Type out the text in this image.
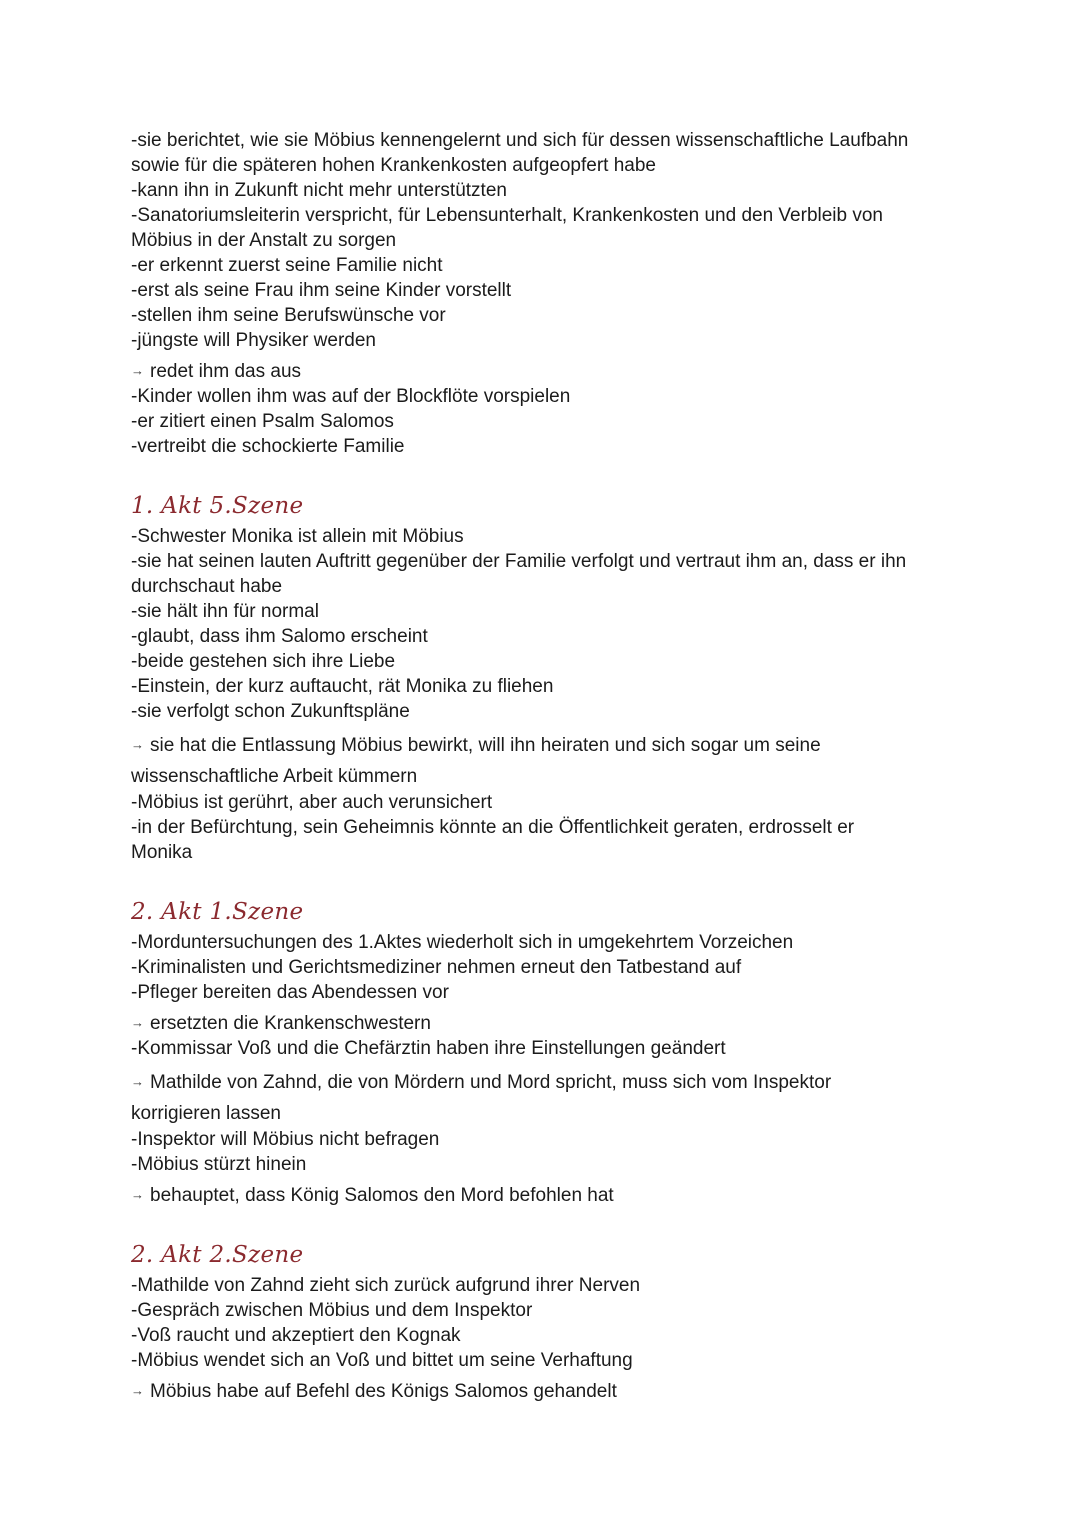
-sie berichtet, wie sie Möbius kennengelernt und sich für dessen wissenschaftliche Laufbahn
sowie für die späteren hohen Krankenkosten aufgeopfert habe
-kann ihn in Zukunft nicht mehr unterstützten
-Sanatoriumsleiterin verspricht, für Lebensunterhalt, Krankenkosten und den Verbleib von
Möbius in der Anstalt zu sorgen
-er erkennt zuerst seine Familie nicht
-erst als seine Frau ihm seine Kinder vorstellt
-stellen ihm seine Berufswünsche vor
-jüngste will Physiker werden
→ redet ihm das aus
-Kinder wollen ihm was auf der Blockflöte vorspielen
-er zitiert einen Psalm Salomos
-vertreibt die schockierte Familie
1. Akt 5.Szene
-Schwester Monika ist allein mit Möbius
-sie hat seinen lauten Auftritt gegenüber der Familie verfolgt und vertraut ihm an, dass er ihn
durchschaut habe
-sie hält ihn für normal
-glaubt, dass ihm Salomo erscheint
-beide gestehen sich ihre Liebe
-Einstein, der kurz auftaucht, rät Monika zu fliehen
-sie verfolgt schon Zukunftspläne
→ sie hat die Entlassung Möbius bewirkt, will ihn heiraten und sich sogar um seine
wissenschaftliche Arbeit kümmern
-Möbius ist gerührt, aber auch verunsichert
-in der Befürchtung, sein Geheimnis könnte an die Öffentlichkeit geraten, erdrosselt er
Monika
2. Akt 1.Szene
-Morduntersuchungen des 1.Aktes wiederholt sich in umgekehrtem Vorzeichen
-Kriminalisten und Gerichtsmediziner nehmen erneut den Tatbestand auf
-Pfleger bereiten das Abendessen vor
→ ersetzten die Krankenschwestern
-Kommissar Voß und die Chefärztin haben ihre Einstellungen geändert
→ Mathilde von Zahnd, die von Mördern und Mord spricht, muss sich vom Inspektor
korrigieren lassen
-Inspektor will Möbius nicht befragen
-Möbius stürzt hinein
→ behauptet, dass König Salomos den Mord befohlen hat
2. Akt 2.Szene
-Mathilde von Zahnd zieht sich zurück aufgrund ihrer Nerven
-Gespräch zwischen Möbius und dem Inspektor
-Voß raucht und akzeptiert den Kognak
-Möbius wendet sich an Voß und bittet um seine Verhaftung
→ Möbius habe auf Befehl des Königs Salomos gehandelt
